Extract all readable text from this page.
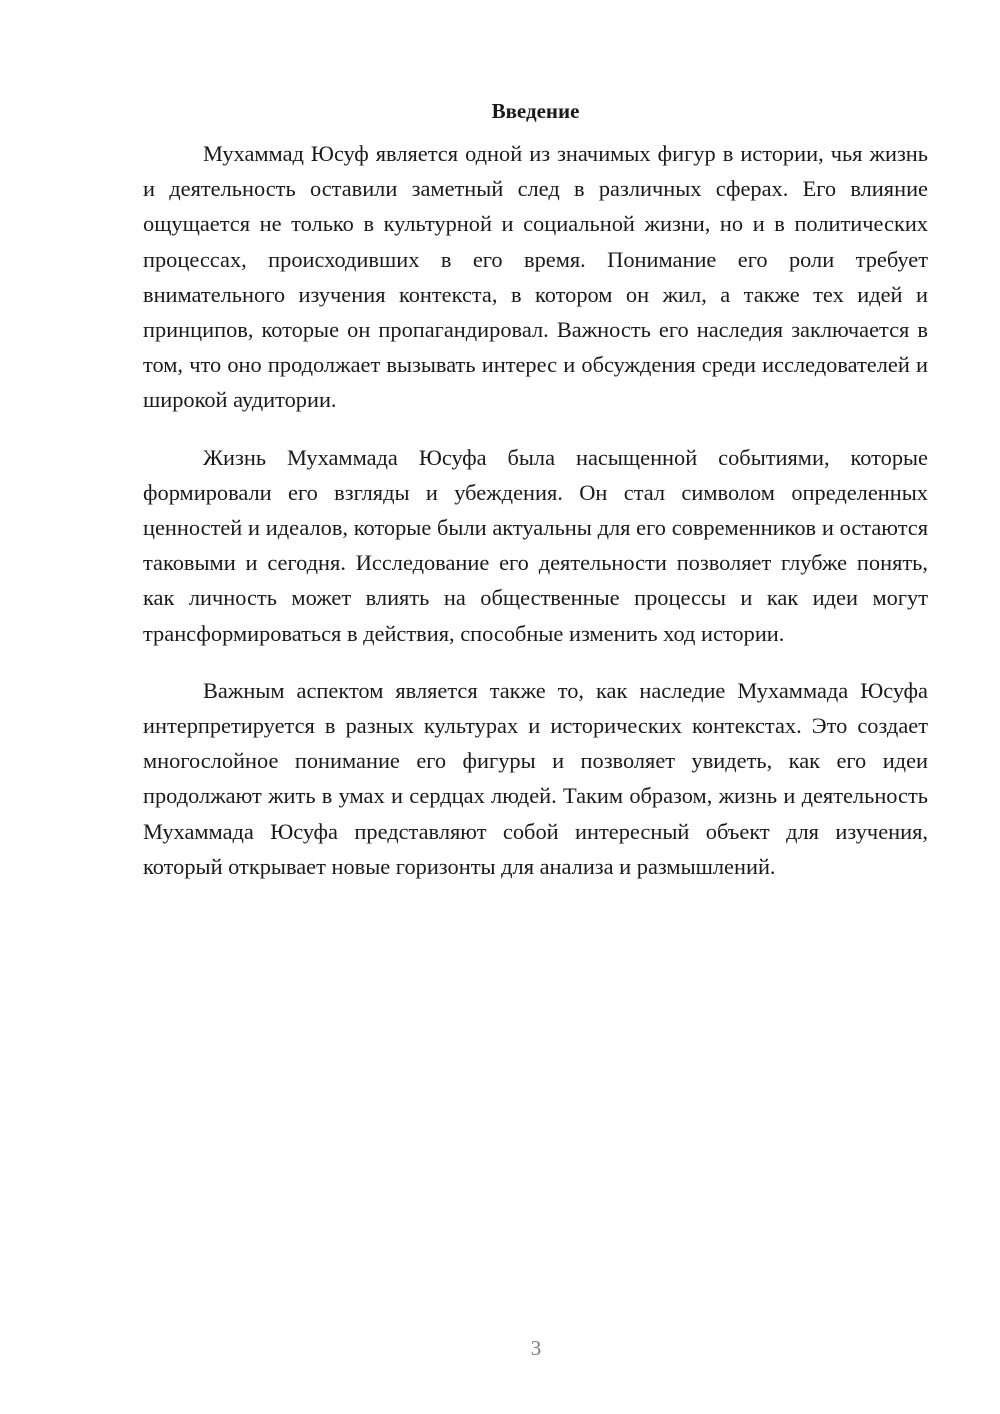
Введение

Мухаммад Юсуф является одной из значимых фигур в истории, чья жизнь и деятельность оставили заметный след в различных сферах. Его влияние ощущается не только в культурной и социальной жизни, но и в политических процессах, происходивших в его время. Понимание его роли требует внимательного изучения контекста, в котором он жил, а также тех идей и принципов, которые он пропагандировал. Важность его наследия заключается в том, что оно продолжает вызывать интерес и обсуждения среди исследователей и широкой аудитории.

Жизнь Мухаммада Юсуфа была насыщенной событиями, которые формировали его взгляды и убеждения. Он стал символом определенных ценностей и идеалов, которые были актуальны для его современников и остаются таковыми и сегодня. Исследование его деятельности позволяет глубже понять, как личность может влиять на общественные процессы и как идеи могут трансформироваться в действия, способные изменить ход истории.

Важным аспектом является также то, как наследие Мухаммада Юсуфа интерпретируется в разных культурах и исторических контекстах. Это создает многослойное понимание его фигуры и позволяет увидеть, как его идеи продолжают жить в умах и сердцах людей. Таким образом, жизнь и деятельность Мухаммада Юсуфа представляют собой интересный объект для изучения, который открывает новые горизонты для анализа и размышлений.

3
